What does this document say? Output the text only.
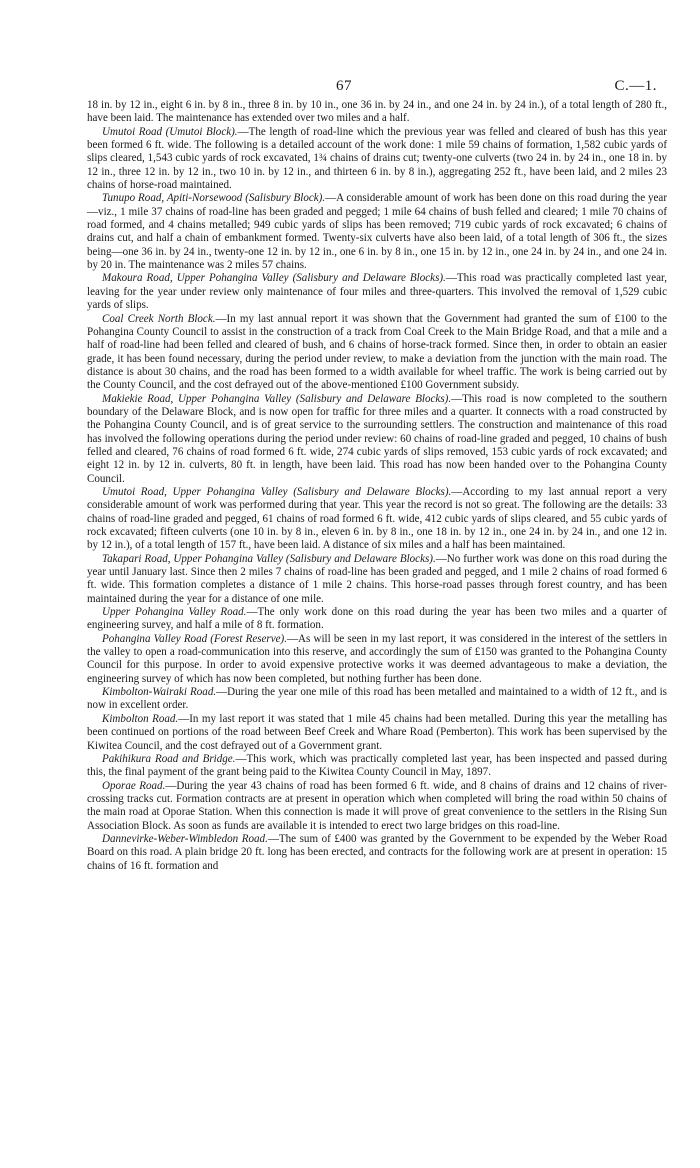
67	C.—1.

18 in. by 12 in., eight 6 in. by 8 in., three 8 in. by 10 in., one 36 in. by 24 in., and one 24 in. by 24 in.), of a total length of 280 ft., have been laid. The maintenance has extended over two miles and a half.

Umutoi Road (Umutoi Block).—The length of road-line which the previous year was felled and cleared of bush has this year been formed 6 ft. wide. The following is a detailed account of the work done: 1 mile 59 chains of formation, 1,582 cubic yards of slips cleared, 1,543 cubic yards of rock excavated, 1¾ chains of drains cut; twenty-one culverts (two 24 in. by 24 in., one 18 in. by 12 in., three 12 in. by 12 in., two 10 in. by 12 in., and thirteen 6 in. by 8 in.), aggregating 252 ft., have been laid, and 2 miles 23 chains of horse-road maintained.

Tunupo Road, Apiti-Norsewood (Salisbury Block).—A considerable amount of work has been done on this road during the year—viz., 1 mile 37 chains of road-line has been graded and pegged; 1 mile 64 chains of bush felled and cleared; 1 mile 70 chains of road formed, and 4 chains metalled; 949 cubic yards of slips has been removed; 719 cubic yards of rock excavated; 6 chains of drains cut, and half a chain of embankment formed. Twenty-six culverts have also been laid, of a total length of 306 ft., the sizes being—one 36 in. by 24 in., twenty-one 12 in. by 12 in., one 6 in. by 8 in., one 15 in. by 12 in., one 24 in. by 24 in., and one 24 in. by 20 in. The maintenance was 2 miles 57 chains.

Makoura Road, Upper Pohangina Valley (Salisbury and Delaware Blocks).—This road was practically completed last year, leaving for the year under review only maintenance of four miles and three-quarters. This involved the removal of 1,529 cubic yards of slips.

Coal Creek North Block.—In my last annual report it was shown that the Government had granted the sum of £100 to the Pohangina County Council to assist in the construction of a track from Coal Creek to the Main Bridge Road, and that a mile and a half of road-line had been felled and cleared of bush, and 6 chains of horse-track formed. Since then, in order to obtain an easier grade, it has been found necessary, during the period under review, to make a deviation from the junction with the main road. The distance is about 30 chains, and the road has been formed to a width available for wheel traffic. The work is being carried out by the County Council, and the cost defrayed out of the above-mentioned £100 Government subsidy.

Makiekie Road, Upper Pohangina Valley (Salisbury and Delaware Blocks).—This road is now completed to the southern boundary of the Delaware Block, and is now open for traffic for three miles and a quarter. It connects with a road constructed by the Pohangina County Council, and is of great service to the surrounding settlers. The construction and maintenance of this road has involved the following operations during the period under review: 60 chains of road-line graded and pegged, 10 chains of bush felled and cleared, 76 chains of road formed 6 ft. wide, 274 cubic yards of slips removed, 153 cubic yards of rock excavated; and eight 12 in. by 12 in. culverts, 80 ft. in length, have been laid. This road has now been handed over to the Pohangina County Council.

Umutoi Road, Upper Pohangina Valley (Salisbury and Delaware Blocks).—According to my last annual report a very considerable amount of work was performed during that year. This year the record is not so great. The following are the details: 33 chains of road-line graded and pegged, 61 chains of road formed 6 ft. wide, 412 cubic yards of slips cleared, and 55 cubic yards of rock excavated; fifteen culverts (one 10 in. by 8 in., eleven 6 in. by 8 in., one 18 in. by 12 in., one 24 in. by 24 in., and one 12 in. by 12 in.), of a total length of 157 ft., have been laid. A distance of six miles and a half has been maintained.

Takapari Road, Upper Pohangina Valley (Salisbury and Delaware Blocks).—No further work was done on this road during the year until January last. Since then 2 miles 7 chains of road-line has been graded and pegged, and 1 mile 2 chains of road formed 6 ft. wide. This formation completes a distance of 1 mile 2 chains. This horse-road passes through forest country, and has been maintained during the year for a distance of one mile.

Upper Pohangina Valley Road.—The only work done on this road during the year has been two miles and a quarter of engineering survey, and half a mile of 8 ft. formation.

Pohangina Valley Road (Forest Reserve).—As will be seen in my last report, it was considered in the interest of the settlers in the valley to open a road-communication into this reserve, and accordingly the sum of £150 was granted to the Pohangina County Council for this purpose. In order to avoid expensive protective works it was deemed advantageous to make a deviation, the engineering survey of which has now been completed, but nothing further has been done.

Kimbolton-Wairaki Road.—During the year one mile of this road has been metalled and maintained to a width of 12 ft., and is now in excellent order.

Kimbolton Road.—In my last report it was stated that 1 mile 45 chains had been metalled. During this year the metalling has been continued on portions of the road between Beef Creek and Whare Road (Pemberton). This work has been supervised by the Kiwitea Council, and the cost defrayed out of a Government grant.

Pakihikura Road and Bridge.—This work, which was practically completed last year, has been inspected and passed during this, the final payment of the grant being paid to the Kiwitea County Council in May, 1897.

Oporae Road.—During the year 43 chains of road has been formed 6 ft. wide, and 8 chains of drains and 12 chains of river-crossing tracks cut. Formation contracts are at present in operation which when completed will bring the road within 50 chains of the main road at Oporae Station. When this connection is made it will prove of great convenience to the settlers in the Rising Sun Association Block. As soon as funds are available it is intended to erect two large bridges on this road-line.

Dannevirke-Weber-Wimbledon Road.—The sum of £400 was granted by the Government to be expended by the Weber Road Board on this road. A plain bridge 20 ft. long has been erected, and contracts for the following work are at present in operation: 15 chains of 16 ft. formation and
